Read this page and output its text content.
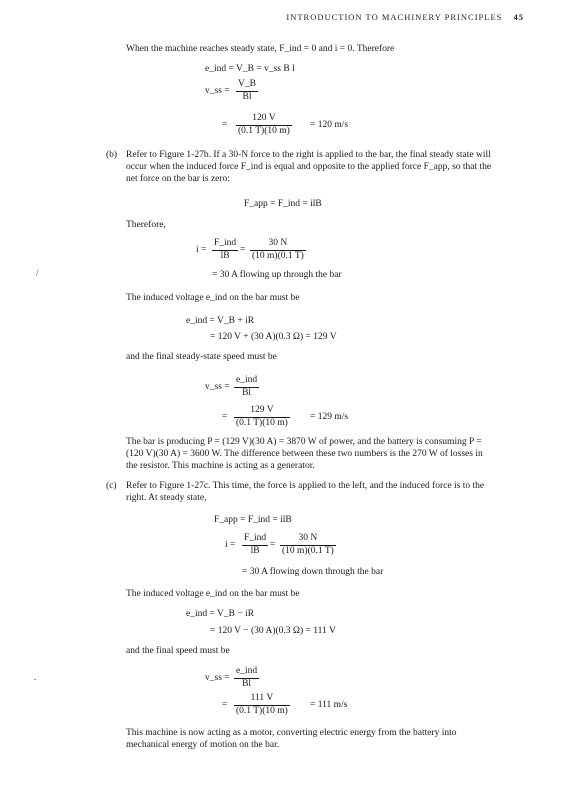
INTRODUCTION TO MACHINERY PRINCIPLES 45
When the machine reaches steady state, F_ind = 0 and i = 0. Therefore
e_ind = V_B = v_ss B l
v_ss = $\frac{V\_B}{Bl}$
= $\frac{120 V}{(0.1 T)(10 m)} = 120$ m/s
(b) Refer to Figure 1-27b. If a 30-N force to the right is applied to the bar, the final steady state will occur when the induced force F_ind is equal and opposite to the applied force F_app, so that the net force on the bar is zero:
F_app = F_ind = ilB
Therefore,
i =
F_ind
lB
= $\frac{30 N}{(10 m)(0.1 T)}$
= 30 A flowing up through the bar
/
The induced voltage e_ind on the bar must be
e_ind = V_B + iR
= 120 V + (30 A)(0.3 Ω) = 129 V
and the final steady-state speed must be
v_ss =
e_ind
Bl
= $\frac{129 V}{(0.1 T)(10 m)} = 129$ m/s
The bar is producing P = (129 V)(30 A) = 3870 W of power, and the battery is consuming P = (120 V)(30 A) = 3600 W. The difference between these two numbers is the 270 W of losses in the resistor. This machine is acting as a generator.
(c) Refer to Figure 1-27c. This time, the force is applied to the left, and the induced force is to the right. At steady state,
F_app = F_ind = ilB
i =
F_ind
lB
= $\frac{30 N}{(10 m)(0.1 T)}$
= 30 A flowing down through the bar
The induced voltage e_ind on the bar must be
e_ind = V_B − iR
= 120 V − (30 A)(0.3 Ω) = 111 V
and the final speed must be
v_ss =
e_ind
Bl
= $\frac{111 V}{(0.1 T)(10 m)} = 111$ m/s
.
This machine is now acting as a motor, converting electric energy from the battery into mechanical energy of motion on the bar.
